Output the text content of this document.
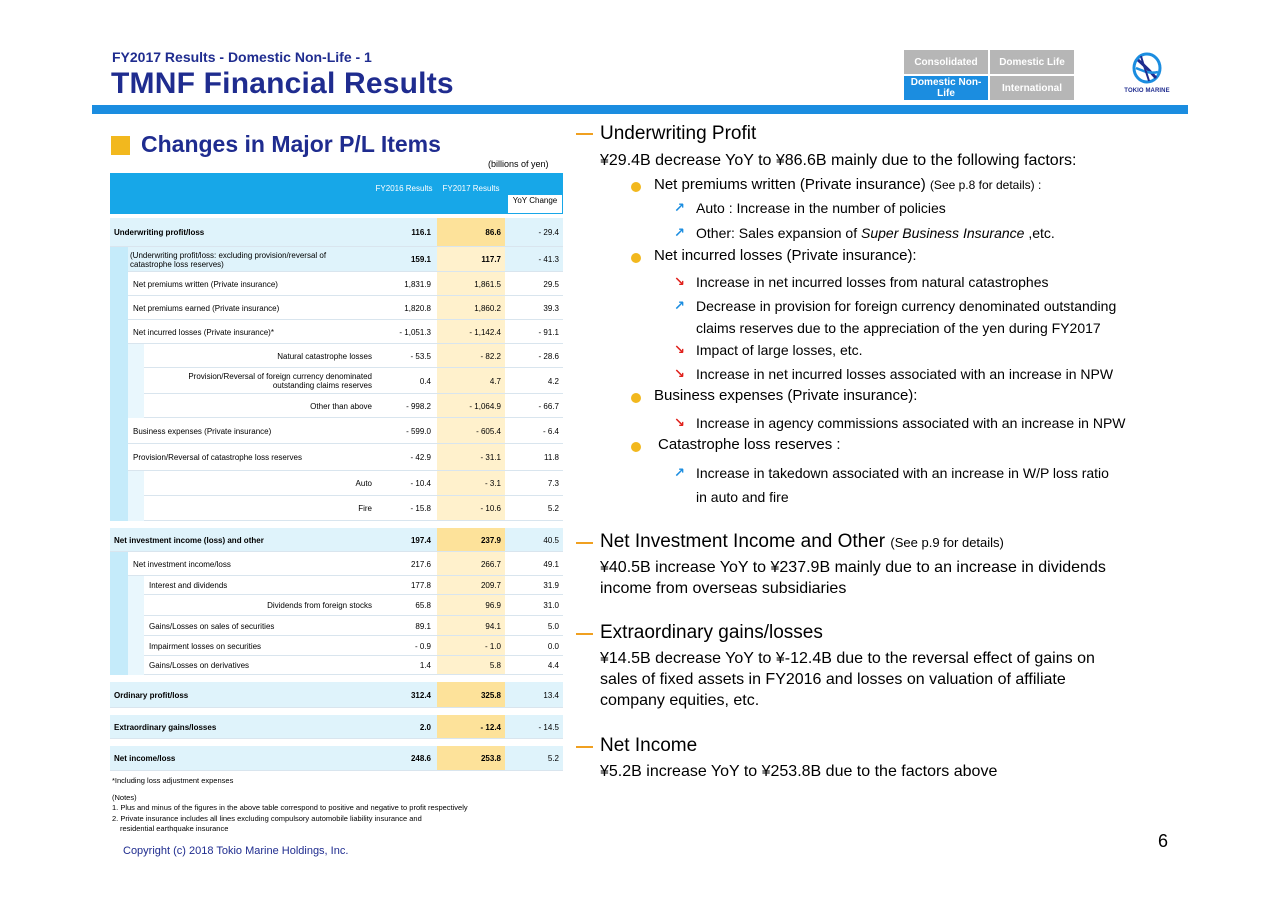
FY2017 Results - Domestic Non-Life - 1
TMNF Financial Results
Consolidated	Domestic Life
Domestic Non-Life	International	TOKIO MARINE
Changes in Major P/L Items
(billions of yen)
FY2016 Results	FY2017 Results
YoY Change
Underwriting profit/loss	116.1	86.6	- 29.4
(Underwriting profit/loss: excluding provision/reversal of catastrophe loss reserves)	159.1	117.7	- 41.3
Net premiums written (Private insurance)	1,831.9	1,861.5	29.5
Net premiums earned (Private insurance)	1,820.8	1,860.2	39.3
Net incurred losses (Private insurance)*	- 1,051.3	- 1,142.4	- 91.1
Natural catastrophe losses	- 53.5	- 82.2	- 28.6
Provision/Reversal of foreign currency denominated outstanding claims reserves	0.4	4.7	4.2
Other than above	- 998.2	- 1,064.9	- 66.7
Business expenses (Private insurance)	- 599.0	- 605.4	- 6.4
Provision/Reversal of catastrophe loss reserves	- 42.9	- 31.1	11.8
Auto	- 10.4	- 3.1	7.3
Fire	- 15.8	- 10.6	5.2
Net investment income (loss) and other	197.4	237.9	40.5
Net investment income/loss	217.6	266.7	49.1
Interest and dividends	177.8	209.7	31.9
Dividends from foreign stocks	65.8	96.9	31.0
Gains/Losses on sales of securities	89.1	94.1	5.0
Impairment losses on securities	- 0.9	- 1.0	0.0
Gains/Losses on derivatives	1.4	5.8	4.4
Ordinary profit/loss	312.4	325.8	13.4
Extraordinary gains/losses	2.0	- 12.4	- 14.5
Net income/loss	248.6	253.8	5.2
*Including loss adjustment expenses
(Notes)
1. Plus and minus of the figures in the above table correspond to positive and negative to profit respectively
2. Private insurance includes all lines excluding compulsory automobile liability insurance and
residential earthquake insurance
Copyright (c) 2018 Tokio Marine Holdings, Inc.	6
Underwriting Profit
¥29.4B decrease YoY to ¥86.6B mainly due to the following factors:
Net premiums written (Private insurance) (See p.8 for details) :
↗ Auto : Increase in the number of policies
↗ Other: Sales expansion of Super Business Insurance ,etc.
Net incurred losses (Private insurance):
↘ Increase in net incurred losses from natural catastrophes
↗ Decrease in provision for foreign currency denominated outstanding
claims reserves due to the appreciation of the yen during FY2017
↘ Impact of large losses, etc.
↘ Increase in net incurred losses associated with an increase in NPW
Business expenses (Private insurance):
↘ Increase in agency commissions associated with an increase in NPW
Catastrophe loss reserves :
↗ Increase in takedown associated with an increase in W/P loss ratio
in auto and fire
Net Investment Income and Other (See p.9 for details)
¥40.5B increase YoY to ¥237.9B mainly due to an increase in dividends
income from overseas subsidiaries
Extraordinary gains/losses
¥14.5B decrease YoY to ¥-12.4B due to the reversal effect of gains on
sales of fixed assets in FY2016 and losses on valuation of affiliate
company equities, etc.
Net Income
¥5.2B increase YoY to ¥253.8B due to the factors above
